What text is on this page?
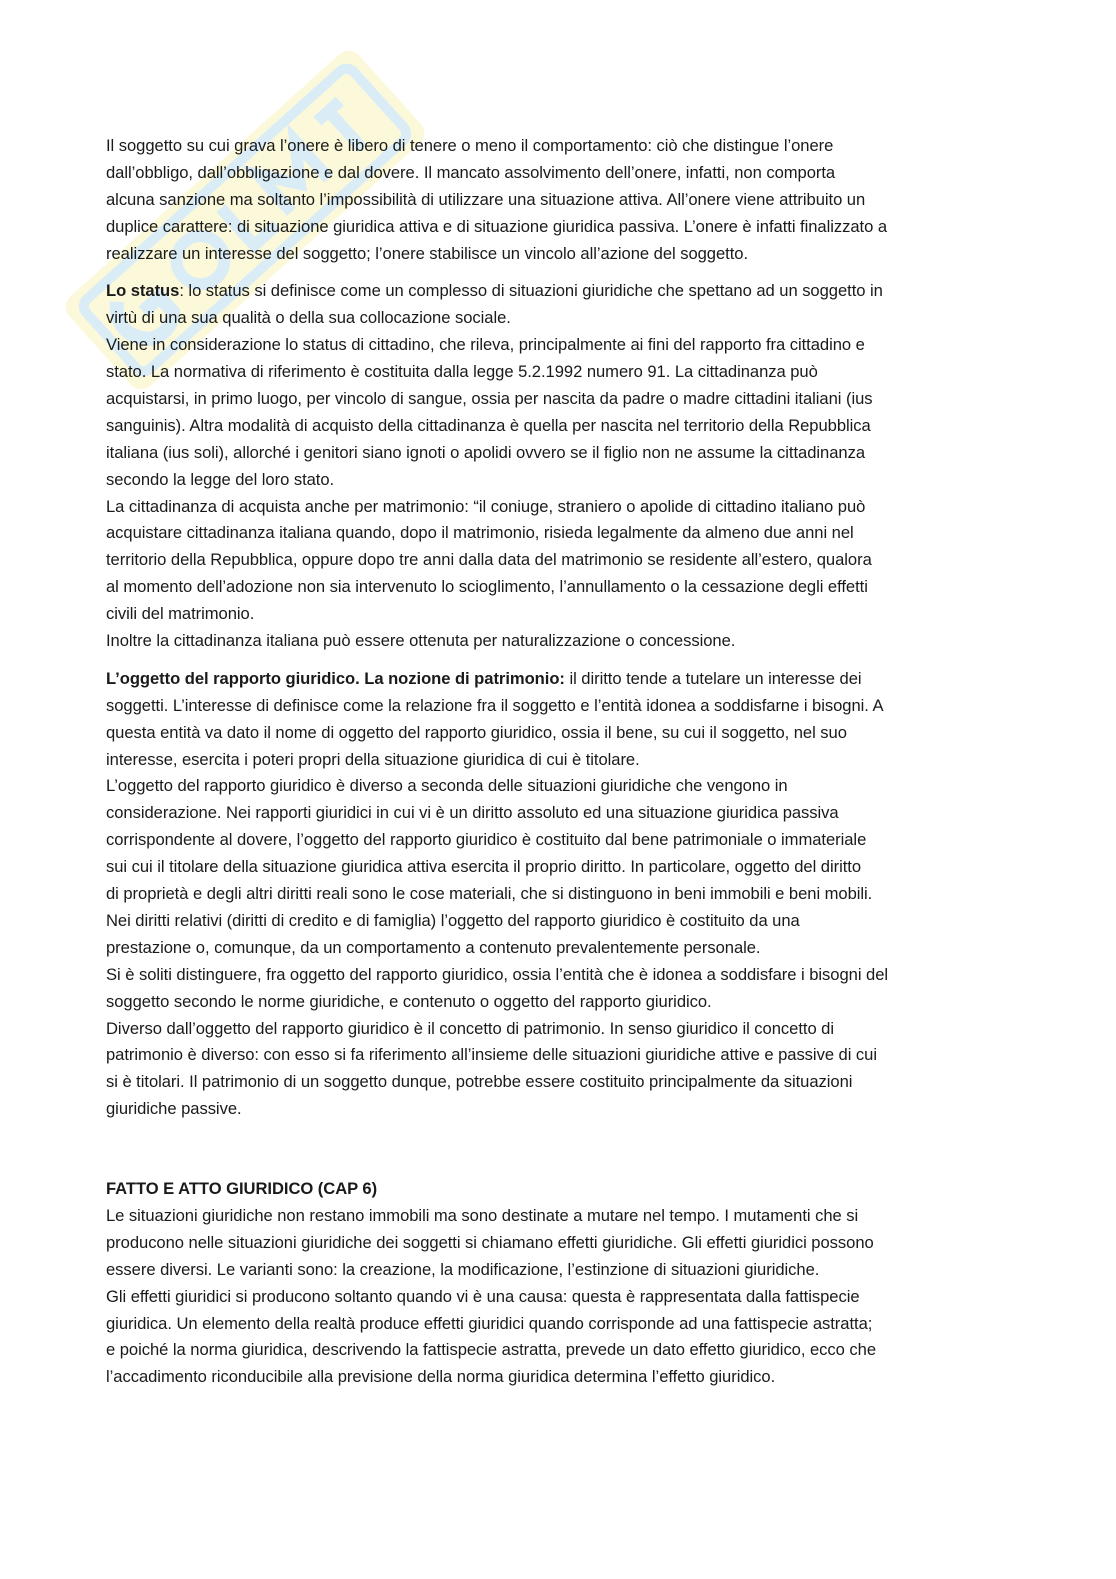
Il soggetto su cui grava l’onere è libero di tenere o meno il comportamento: ciò che distingue l’onere
dall’obbligo, dall’obbligazione e dal dovere. Il mancato assolvimento dell’onere, infatti, non comporta
alcuna sanzione ma soltanto l’impossibilità di utilizzare una situazione attiva. All’onere viene attribuito un
duplice carattere: di situazione giuridica attiva e di situazione giuridica passiva. L’onere è infatti finalizzato a
realizzare un interesse del soggetto; l’onere stabilisce un vincolo all’azione del soggetto.
Lo status: lo status si definisce come un complesso di situazioni giuridiche che spettano ad un soggetto in
virtù di una sua qualità o della sua collocazione sociale.
Viene in considerazione lo status di cittadino, che rileva, principalmente ai fini del rapporto fra cittadino e
stato. La normativa di riferimento è costituita dalla legge 5.2.1992 numero 91. La cittadinanza può
acquistarsi, in primo luogo, per vincolo di sangue, ossia per nascita da padre o madre cittadini italiani (ius
sanguinis). Altra modalità di acquisto della cittadinanza è quella per nascita nel territorio della Repubblica
italiana (ius soli), allorché i genitori siano ignoti o apolidi ovvero se il figlio non ne assume la cittadinanza
secondo la legge del loro stato.
La cittadinanza di acquista anche per matrimonio: “il coniuge, straniero o apolide di cittadino italiano può
acquistare cittadinanza italiana quando, dopo il matrimonio, risieda legalmente da almeno due anni nel
territorio della Repubblica, oppure dopo tre anni dalla data del matrimonio se residente all’estero, qualora
al momento dell’adozione non sia intervenuto lo scioglimento, l’annullamento o la cessazione degli effetti
civili del matrimonio.
Inoltre la cittadinanza italiana può essere ottenuta per naturalizzazione o concessione.
L’oggetto del rapporto giuridico. La nozione di patrimonio: il diritto tende a tutelare un interesse dei
soggetti. L’interesse di definisce come la relazione fra il soggetto e l’entità idonea a soddisfarne i bisogni. A
questa entità va dato il nome di oggetto del rapporto giuridico, ossia il bene, su cui il soggetto, nel suo
interesse, esercita i poteri propri della situazione giuridica di cui è titolare.
L’oggetto del rapporto giuridico è diverso a seconda delle situazioni giuridiche che vengono in
considerazione. Nei rapporti giuridici in cui vi è un diritto assoluto ed una situazione giuridica passiva
corrispondente al dovere, l’oggetto del rapporto giuridico è costituito dal bene patrimoniale o immateriale
sui cui il titolare della situazione giuridica attiva esercita il proprio diritto. In particolare, oggetto del diritto
di proprietà e degli altri diritti reali sono le cose materiali, che si distinguono in beni immobili e beni mobili.
Nei diritti relativi (diritti di credito e di famiglia) l’oggetto del rapporto giuridico è costituito da una
prestazione o, comunque, da un comportamento a contenuto prevalentemente personale.
Si è soliti distinguere, fra oggetto del rapporto giuridico, ossia l’entità che è idonea a soddisfare i bisogni del
soggetto secondo le norme giuridiche, e contenuto o oggetto del rapporto giuridico.
Diverso dall’oggetto del rapporto giuridico è il concetto di patrimonio. In senso giuridico il concetto di
patrimonio è diverso: con esso si fa riferimento all’insieme delle situazioni giuridiche attive e passive di cui
si è titolari. Il patrimonio di un soggetto dunque, potrebbe essere costituito principalmente da situazioni
giuridiche passive.
FATTO E ATTO GIURIDICO (CAP 6)
Le situazioni giuridiche non restano immobili ma sono destinate a mutare nel tempo. I mutamenti che si
producono nelle situazioni giuridiche dei soggetti si chiamano effetti giuridiche. Gli effetti giuridici possono
essere diversi. Le varianti sono: la creazione, la modificazione, l’estinzione di situazioni giuridiche.
Gli effetti giuridici si producono soltanto quando vi è una causa: questa è rappresentata dalla fattispecie
giuridica. Un elemento della realtà produce effetti giuridici quando corrisponde ad una fattispecie astratta;
e poiché la norma giuridica, descrivendo la fattispecie astratta, prevede un dato effetto giuridico, ecco che
l’accadimento riconducibile alla previsione della norma giuridica determina l’effetto giuridico.
